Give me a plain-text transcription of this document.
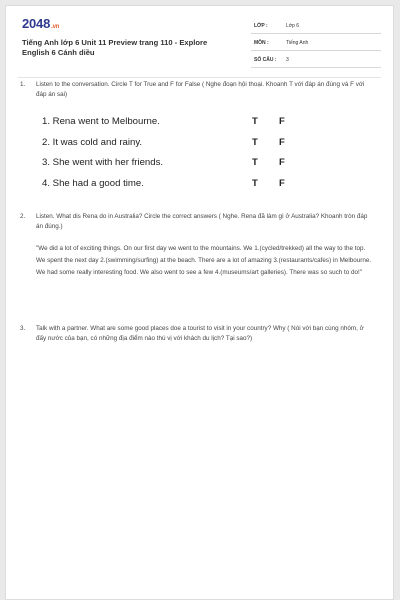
2048.vn
Tiếng Anh lớp 6 Unit 11 Preview trang 110 - Explore English 6 Cánh diều
LỚP :	Lớp 6
MÔN :	Tiếng Anh
SỐ CÂU : 3
1. Listen to the conversation. Circle T for True and F for False ( Nghe đoạn hội thoại. Khoanh T với đáp án đúng và F với đáp án sai)
1. Rena went to Melbourne.	T F
2. It was cold and rainy.	T F
3. She went with her friends.	T F
4. She had a good time.	T F
2. Listen. What dis Rena do in Australia? Circle the correct answers ( Nghe. Rena đã làm gì ở Australia? Khoanh tròn đáp án đúng.)
"We did a lot of exciting things. On our first day we went to the mountains. We 1.(cycled/trekked) all the way to the top. We spent the next day 2.(swimming/surfing) at the beach. There are a lot of amazing 3.(restaurants/cafes) in Melbourne. We had some really interesting food. We also went to see a few 4.(museums/art galleries). There was so such to do!"
3. Talk with a partner. What are some good places doe a tourist to visit in your country? Why ( Nói với bạn cùng nhóm, ở đấy nước của bạn, có những địa điểm nào thú vị với khách du lịch? Tại sao?)
